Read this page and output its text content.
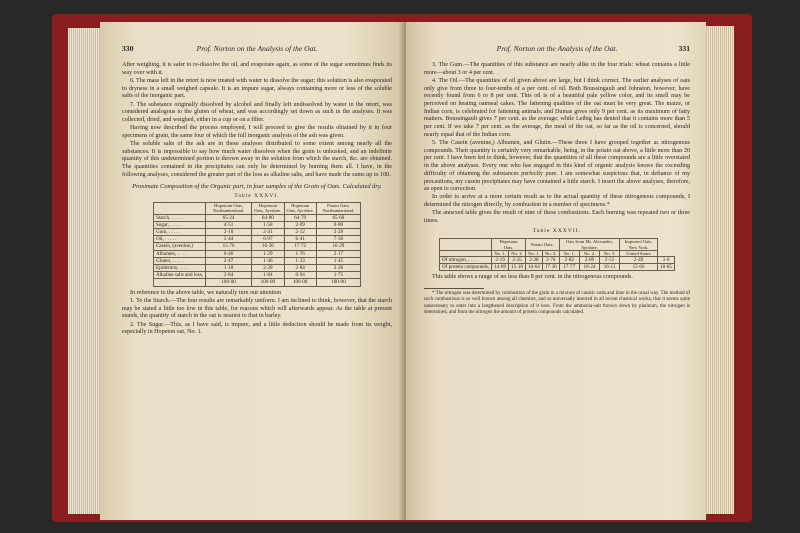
330	Prof. Norton on the Analysis of the Oat.

After weighing, it is safer to re-dissolve the oil, and evaporate again, as some of the sugar sometimes finds its way over with it.

6. The mass left in the retort is now treated with water to dissolve the sugar; this solution is also evaporated to dryness in a small weighed capsule. It is an impure sugar, always containing more or less of the soluble salts of the inorganic part.

7. The substance originally dissolved by alcohol and finally left undissolved by water in the retort, was considered analogous to the gluten of wheat, and was accordingly set down as such in the analyses. It was collected, dried, and weighed, either in a cup or on a filter.

Having now described the process employed, I will proceed to give the results obtained by it in four specimens of grain, the same four of which the full inorganic analysis of the ash was given.

The soluble salts of the ash are in these analyses distributed to some extent among nearly all the substances. It is impossible to say how much water dissolves when the grain is unhusked, and an indefinite quantity of this undetermined portion is thrown away in the solution from which the starch, &c. are obtained. The quantities contained in the precipitates can only be determined by burning them all. I have, in the following analyses, considered the greater part of the loss as alkaline salts, and have made the sums up to 100.

Proximate Composition of the Organic part, in four samples of the Grain of Oats. Calculated dry.

Table XXXVI.

	Hopetoun Oats, Northumberland.	Hopetoun Oats, Ayrshire.	Hopetoun Oats, Ayrshire.	Potato Oats, Northumberland.
Starch, . . . . .	65·24	64·80	64·79	65·60
Sugar, . . . . .	4·51	1·58	2·09	0·80
Gum, . . . . .	2·10	2·41	2·12	2·28
Oil, . . . . .	5·44	6·97	6·41	7·38
Casein, (avenine,)	15·76	16·26	17·72	16·29
Albumen, . . . .	0·46	1·29	1·76	2·17
Gluten, . . . . .	2·47	1·46	1·33	1·45
Epidermis, . . . .	1·18	2·39	2·84	2·28
Alkaline salts and loss,	2·84	1·84	0·94	1·75
	100·00	100·00	100·00	100·00

In reference to the above table, we naturally turn our attention

1. To the Starch.—The four results are remarkably uniform. I am inclined to think, however, that the starch may be stated a little too low in this table, for reasons which will afterwards appear. As the table at present stands, the quantity of starch in the oat is nearest to that in barley.

2. The Sugar.—This, as I have said, is impure, and a little deduction should be made from its weight, especially in Hopeton oat, No. 1.

Prof. Norton on the Analysis of the Oat.	331

3. The Gum.—The quantities of this substance are nearly alike in the four trials: wheat contains a little more—about 3 or 4 per cent.

4. The Oil.—The quantities of oil given above are large, but I think correct. The earlier analyses of oats only give from three to four-tenths of a per cent. of oil. Both Boussingault and Johnston, however, have recently found from 6 to 8 per cent. This oil is of a beautiful pale yellow color, and its smell may be perceived on heating oatmeal cakes. The fattening qualities of the oat must be very great. The maize, or Indian corn, is celebrated for fattening animals; and Dumas gives only 9 per cent. as its maximum of fatty matters. Boussingault gives 7 per cent. as the average; while Leibig has denied that it contains more than 5 per cent. If we take 7 per cent. as the average, the meal of the oat, so far as the oil is concerned, should nearly equal that of the Indian corn.

5. The Casein (avenine,) Albumen, and Glutin.—These three I have grouped together as nitrogenous compounds. Their quantity is certainly very remarkable, being, in the potato oat above, a little more than 20 per cent. I have been led to think, however, that the quantities of all these compounds are a little overstated in the above analyses. Every one who has engaged in this kind of organic analysis knows the exceeding difficulty of obtaining the substances perfectly pure. I am somewhat suspicious that, in defiance of my precautions, my casein precipitates may have contained a little starch. I insert the above analyses, therefore, as open to correction.

In order to arrive at a more certain result as to the actual quantity of these nitrogenous compounds, I determined the nitrogen directly, by combustion in a number of specimens.*

The annexed table gives the result of nine of these combustions. Each burning was repeated two or three times.

Table XXXVII.

	Hopetoun Oats.		Potato Oats.		Oats from Mr. Alexander, Ayrshire.			Imported Oats, New York.	
	No. 1.	No. 2.	No. 1.	No. 2.	No. 1.	No. 2.	No. 3.	United States	
Of nitrogen, . . . .	2·19	2·35	2·28	2·76	2·82	2·89	2·51	2·49	3·0
Of protein compounds,	14·09	15·18	14·64	17·36	17·77	18·24	16·11	15·66	18·85

This table shows a range of no less than 8 per cent. in the nitrogenous compounds.

* The nitrogen was determined by combustion of the grain in a mixture of caustic soda and lime in the usual way. The method of such combustions is so well known among all chemists, and so universally inserted in all recent chemical works, that it seems quite unnecessary to enter into a lengthened description of it here. From the ammonia-salt thrown down by platinum, the nitrogen is determined, and from the nitrogen the amount of protein compounds calculated.
